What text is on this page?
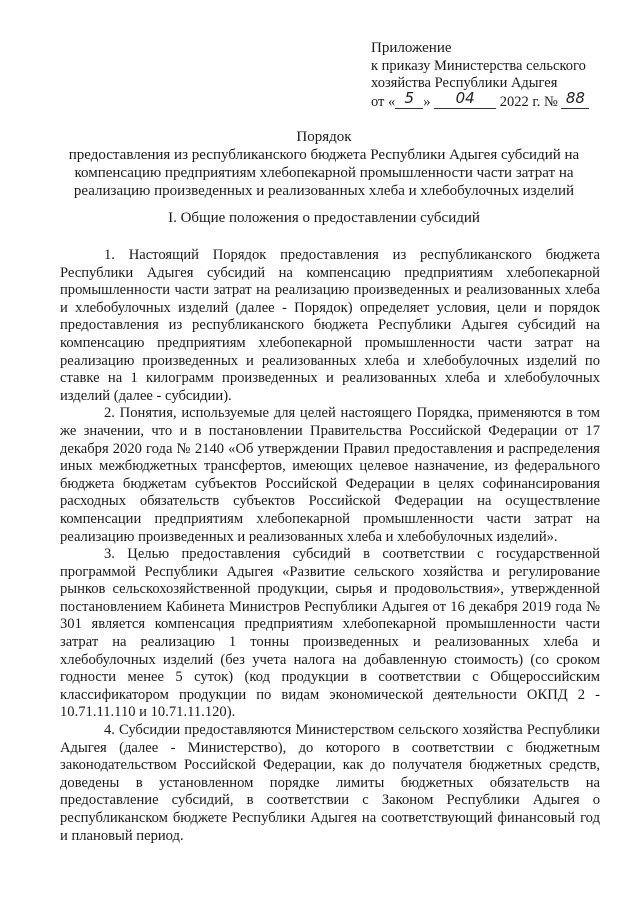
Приложение
к приказу Министерства сельского
хозяйства Республики Адыгея
от « 5 » 04 2022 г. № 88
Порядок
предоставления из республиканского бюджета Республики Адыгея субсидий на компенсацию предприятиям хлебопекарной промышленности части затрат на реализацию произведенных и реализованных хлеба и хлебобулочных изделий
I. Общие положения о предоставлении субсидий

1. Настоящий Порядок предоставления из республиканского бюджета Республики Адыгея субсидий на компенсацию предприятиям хлебопекарной промышленности части затрат на реализацию произведенных и реализованных хлеба и хлебобулочных изделий (далее - Порядок) определяет условия, цели и порядок предоставления из республиканского бюджета Республики Адыгея субсидий на компенсацию предприятиям хлебопекарной промышленности части затрат на реализацию произведенных и реализованных хлеба и хлебобулочных изделий по ставке на 1 килограмм произведенных и реализованных хлеба и хлебобулочных изделий (далее - субсидии).

2. Понятия, используемые для целей настоящего Порядка, применяются в том же значении, что и в постановлении Правительства Российской Федерации от 17 декабря 2020 года № 2140 «Об утверждении Правил предоставления и распределения иных межбюджетных трансфертов, имеющих целевое назначение, из федерального бюджета бюджетам субъектов Российской Федерации в целях софинансирования расходных обязательств субъектов Российской Федерации на осуществление компенсации предприятиям хлебопекарной промышленности части затрат на реализацию произведенных и реализованных хлеба и хлебобулочных изделий».

3. Целью предоставления субсидий в соответствии с государственной программой Республики Адыгея «Развитие сельского хозяйства и регулирование рынков сельскохозяйственной продукции, сырья и продовольствия», утвержденной постановлением Кабинета Министров Республики Адыгея от 16 декабря 2019 года № 301 является компенсация предприятиям хлебопекарной промышленности части затрат на реализацию 1 тонны произведенных и реализованных хлеба и хлебобулочных изделий (без учета налога на добавленную стоимость) (со сроком годности менее 5 суток) (код продукции в соответствии с Общероссийским классификатором продукции по видам экономической деятельности ОКПД 2 - 10.71.11.110 и 10.71.11.120).

4. Субсидии предоставляются Министерством сельского хозяйства Республики Адыгея (далее - Министерство), до которого в соответствии с бюджетным законодательством Российской Федерации, как до получателя бюджетных средств, доведены в установленном порядке лимиты бюджетных обязательств на предоставление субсидий, в соответствии с Законом Республики Адыгея о республиканском бюджете Республики Адыгея на соответствующий финансовый год и плановый период.
